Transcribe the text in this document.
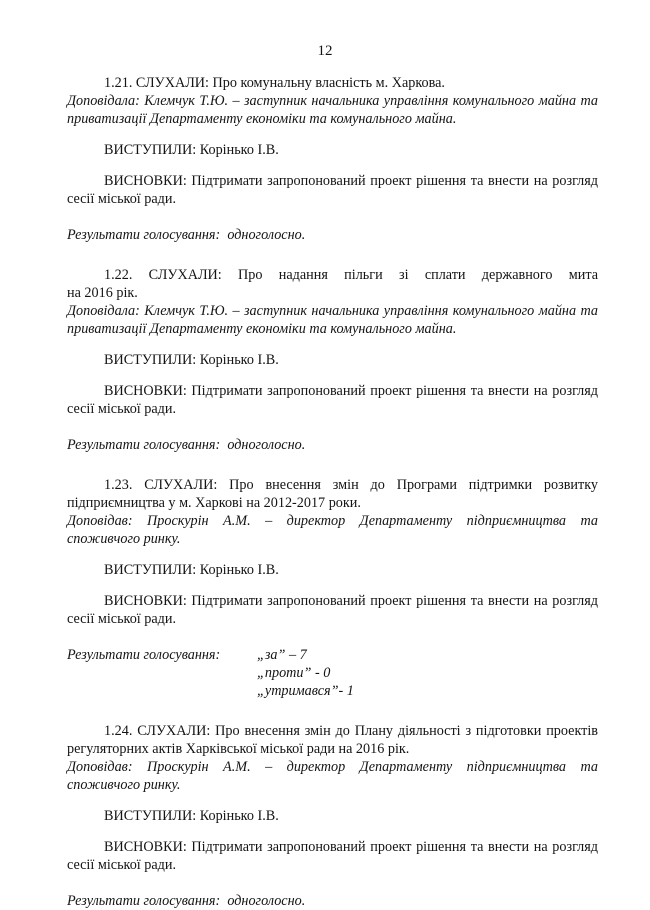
12

1.21. СЛУХАЛИ: Про комунальну власність м. Харкова.

Доповідала: Клемчук Т.Ю. – заступник начальника управління комунального майна та приватизації Департаменту економіки та комунального майна.

ВИСТУПИЛИ: Корінько І.В.

ВИСНОВКИ: Підтримати запропонований проект рішення та внести на розгляд сесії міської ради.

Результати голосування: одноголосно.

1.22. СЛУХАЛИ: Про надання пільги зі сплати державного мита

на 2016 рік.

Доповідала: Клемчук Т.Ю. – заступник начальника управління комунального майна та приватизації Департаменту економіки та комунального майна.

ВИСТУПИЛИ: Корінько І.В.

ВИСНОВКИ: Підтримати запропонований проект рішення та внести на розгляд сесії міської ради.

Результати голосування: одноголосно.

1.23. СЛУХАЛИ: Про внесення змін до Програми підтримки розвитку підприємництва у м. Харкові на 2012-2017 роки.

Доповідав: Проскурін А.М. – директор Департаменту підприємництва та споживчого ринку.

ВИСТУПИЛИ: Корінько І.В.

ВИСНОВКИ: Підтримати запропонований проект рішення та внести на розгляд сесії міської ради.

Результати голосування:	„за” – 7
„проти” - 0
„утримався”- 1

1.24. СЛУХАЛИ: Про внесення змін до Плану діяльності з підготовки проектів регуляторних актів Харківської міської ради на 2016 рік.

Доповідав: Проскурін А.М. – директор Департаменту підприємництва та споживчого ринку.

ВИСТУПИЛИ: Корінько І.В.

ВИСНОВКИ: Підтримати запропонований проект рішення та внести на розгляд сесії міської ради.

Результати голосування: одноголосно.
